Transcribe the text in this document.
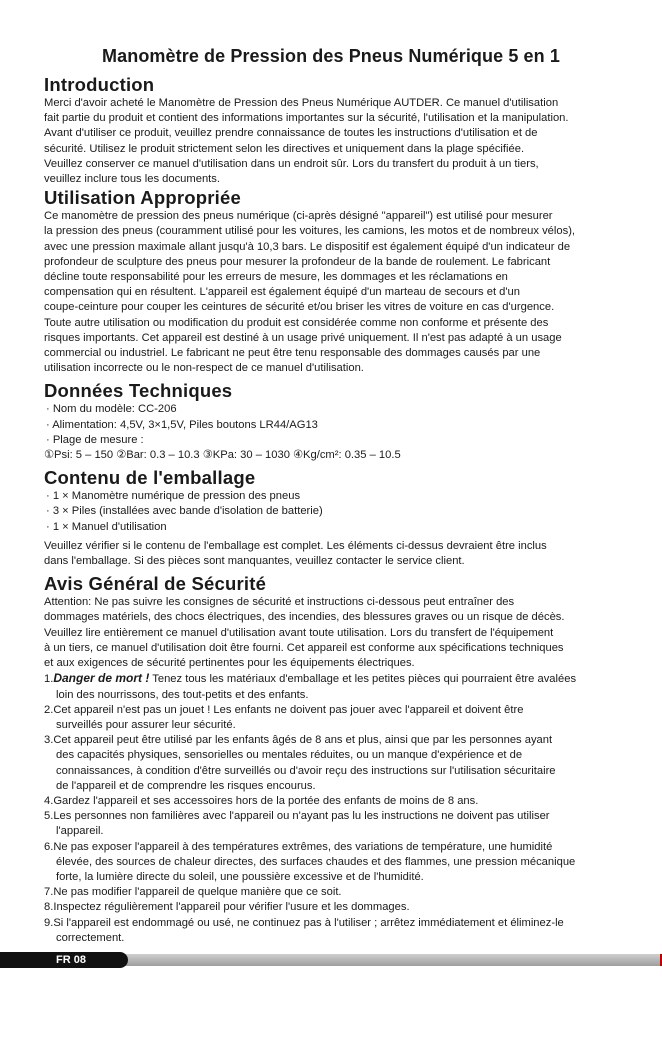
Manomètre de Pression des Pneus Numérique 5 en 1
Introduction
Merci d'avoir acheté le Manomètre de Pression des Pneus Numérique AUTDER. Ce manuel d'utilisation
fait partie du produit et contient des informations importantes sur la sécurité, l'utilisation et la manipulation.
Avant d'utiliser ce produit, veuillez prendre connaissance de toutes les instructions d'utilisation et de
sécurité. Utilisez le produit strictement selon les directives et uniquement dans la plage spécifiée.
Veuillez conserver ce manuel d'utilisation dans un endroit sûr. Lors du transfert du produit à un tiers,
veuillez inclure tous les documents.
Utilisation Appropriée
Ce manomètre de pression des pneus numérique (ci-après désigné "appareil") est utilisé pour mesurer
la pression des pneus (couramment utilisé pour les voitures, les camions, les motos et de nombreux vélos),
avec une pression maximale allant jusqu'à 10,3 bars. Le dispositif est également équipé d'un indicateur de
profondeur de sculpture des pneus pour mesurer la profondeur de la bande de roulement. Le fabricant
décline toute responsabilité pour les erreurs de mesure, les dommages et les réclamations en
compensation qui en résultent. L'appareil est également équipé d'un marteau de secours et d'un
coupe-ceinture pour couper les ceintures de sécurité et/ou briser les vitres de voiture en cas d'urgence.
Toute autre utilisation ou modification du produit est considérée comme non conforme et présente des
risques importants. Cet appareil est destiné à un usage privé uniquement. Il n'est pas adapté à un usage
commercial ou industriel. Le fabricant ne peut être tenu responsable des dommages causés par une
utilisation incorrecte ou le non-respect de ce manuel d'utilisation.
Données Techniques
· Nom du modèle: CC-206
· Alimentation: 4,5V, 3×1,5V, Piles boutons LR44/AG13
· Plage de mesure :
①Psi: 5 – 150 ②Bar: 0.3 – 10.3 ③KPa: 30 – 1030 ④Kg/cm²: 0.35 – 10.5
Contenu de l'emballage
· 1 × Manomètre numérique de pression des pneus
· 3 × Piles (installées avec bande d'isolation de batterie)
· 1 × Manuel d'utilisation
Veuillez vérifier si le contenu de l'emballage est complet. Les éléments ci-dessus devraient être inclus
dans l'emballage. Si des pièces sont manquantes, veuillez contacter le service client.
Avis Général de Sécurité
Attention: Ne pas suivre les consignes de sécurité et instructions ci-dessous peut entraîner des
dommages matériels, des chocs électriques, des incendies, des blessures graves ou un risque de décès.
Veuillez lire entièrement ce manuel d'utilisation avant toute utilisation. Lors du transfert de l'équipement
à un tiers, ce manuel d'utilisation doit être fourni. Cet appareil est conforme aux spécifications techniques
et aux exigences de sécurité pertinentes pour les équipements électriques.
1.Danger de mort ! Tenez tous les matériaux d'emballage et les petites pièces qui pourraient être avalées
loin des nourrissons, des tout-petits et des enfants.
2.Cet appareil n'est pas un jouet ! Les enfants ne doivent pas jouer avec l'appareil et doivent être
surveillés pour assurer leur sécurité.
3.Cet appareil peut être utilisé par les enfants âgés de 8 ans et plus, ainsi que par les personnes ayant
des capacités physiques, sensorielles ou mentales réduites, ou un manque d'expérience et de
connaissances, à condition d'être surveillés ou d'avoir reçu des instructions sur l'utilisation sécuritaire
de l'appareil et de comprendre les risques encourus.
4.Gardez l'appareil et ses accessoires hors de la portée des enfants de moins de 8 ans.
5.Les personnes non familières avec l'appareil ou n'ayant pas lu les instructions ne doivent pas utiliser
l'appareil.
6.Ne pas exposer l'appareil à des températures extrêmes, des variations de température, une humidité
élevée, des sources de chaleur directes, des surfaces chaudes et des flammes, une pression mécanique
forte, la lumière directe du soleil, une poussière excessive et de l'humidité.
7.Ne pas modifier l'appareil de quelque manière que ce soit.
8.Inspectez régulièrement l'appareil pour vérifier l'usure et les dommages.
9.Si l'appareil est endommagé ou usé, ne continuez pas à l'utiliser ; arrêtez immédiatement et éliminez-le
correctement.
FR 08
